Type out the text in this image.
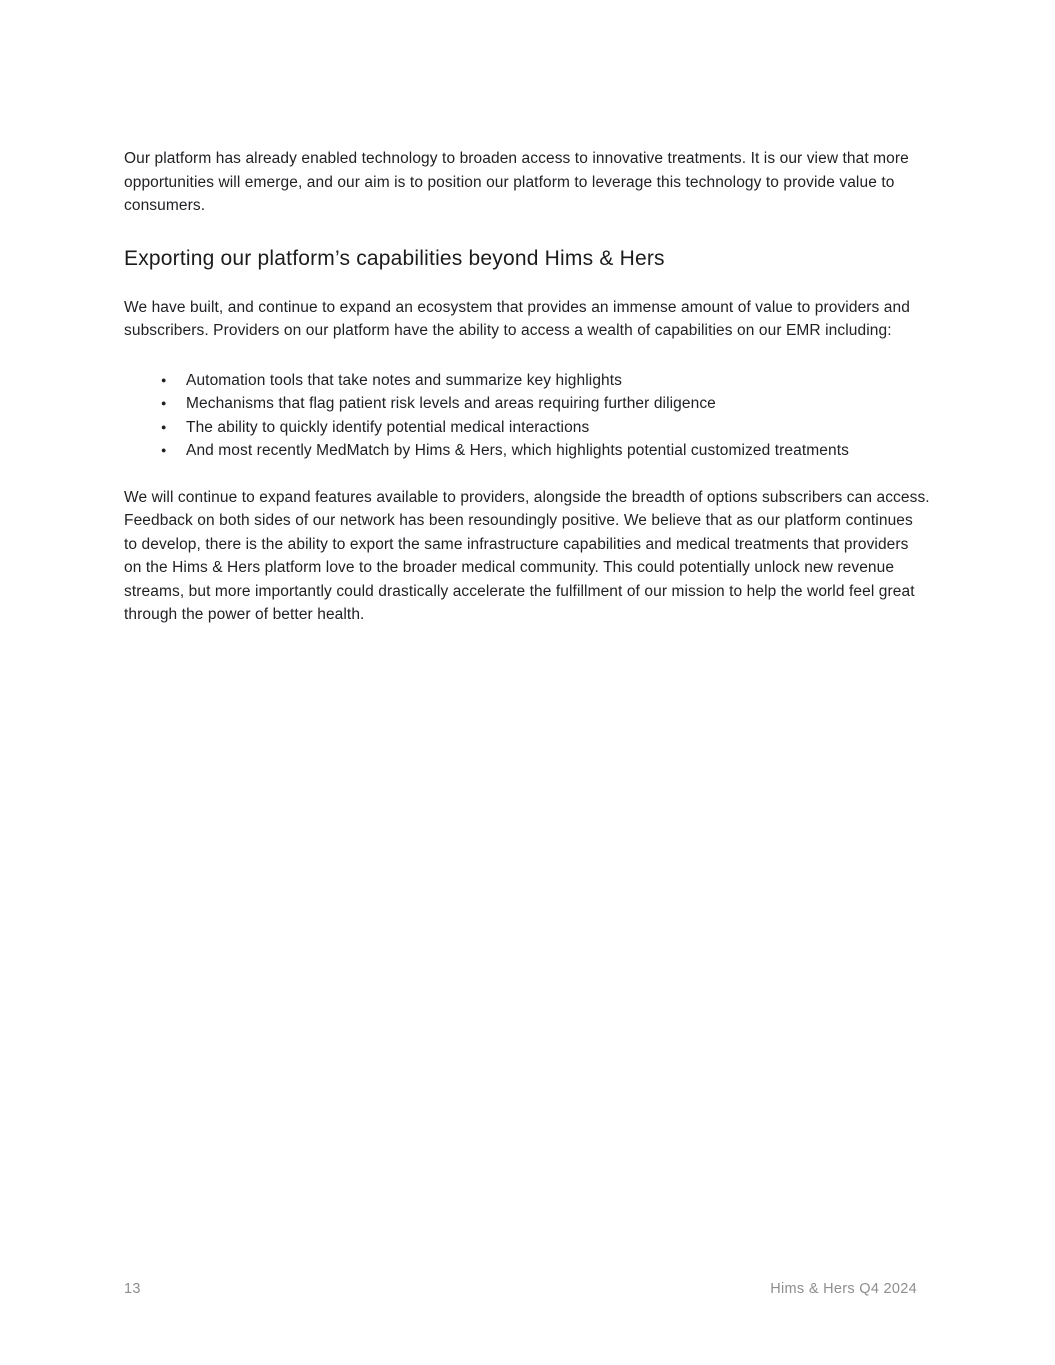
Our platform has already enabled technology to broaden access to innovative treatments. It is our view that more opportunities will emerge, and our aim is to position our platform to leverage this technology to provide value to consumers.

Exporting our platform’s capabilities beyond Hims & Hers

We have built, and continue to expand an ecosystem that provides an immense amount of value to providers and subscribers. Providers on our platform have the ability to access a wealth of capabilities on our EMR including:

●
Automation tools that take notes and summarize key highlights
●
Mechanisms that flag patient risk levels and areas requiring further diligence
●
The ability to quickly identify potential medical interactions
●
And most recently MedMatch by Hims & Hers, which highlights potential customized treatments

We will continue to expand features available to providers, alongside the breadth of options subscribers can access. Feedback on both sides of our network has been resoundingly positive. We believe that as our platform continues to develop, there is the ability to export the same infrastructure capabilities and medical treatments that providers on the Hims & Hers platform love to the broader medical community. This could potentially unlock new revenue streams, but more importantly could drastically accelerate the fulfillment of our mission to help the world feel great through the power of better health.

13	Hims & Hers Q4 2024
